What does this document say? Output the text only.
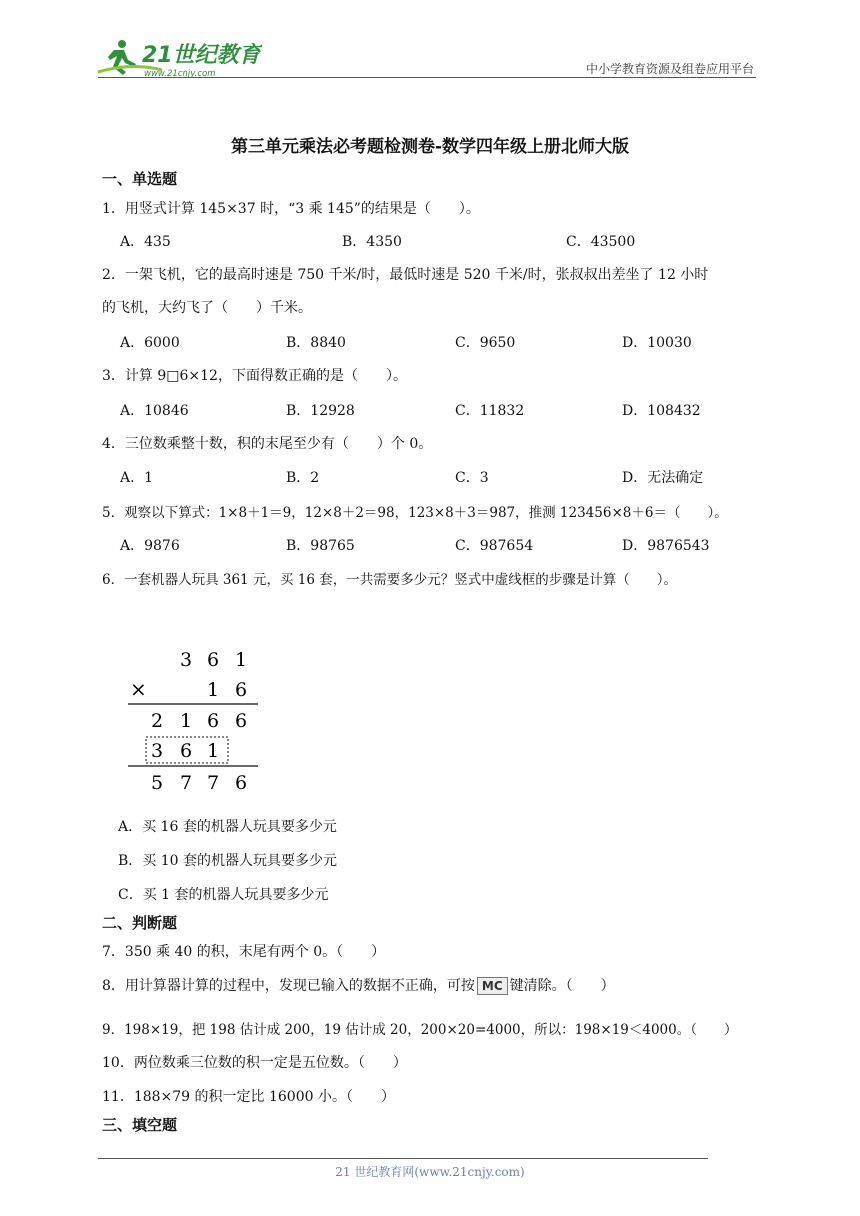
21世纪教育
www.21cnjy.com	中小学教育资源及组卷应用平台
第三单元乘法必考题检测卷-数学四年级上册北师大版
一、单选题
1．用竖式计算 145×37 时，“3 乘 145”的结果是（　　）。
A．435	B．4350	C．43500
2．一架飞机，它的最高时速是 750 千米/时，最低时速是 520 千米/时，张叔叔出差坐了 12 小时
的飞机，大约飞了（　　）千米。
A．6000	B．8840	C．9650	D．10030
3．计算 9□6×12，下面得数正确的是（　　）。
A．10846	B．12928	C．11832	D．108432
4．三位数乘整十数，积的末尾至少有（　　）个 0。
A．1	B．2	C．3	D．无法确定
5．观察以下算式：1×8＋1＝9，12×8＋2＝98，123×8＋3＝987，推测 123456×8＋6＝（　　）。
A．9876	B．98765	C．987654	D．9876543
6．一套机器人玩具 361 元，买 16 套，一共需要多少元？竖式中虚线框的步骤是计算（　　）。
3 6 1
×	1 6
2 1 6 6
3 6 1
5 7 7 6
A．买 16 套的机器人玩具要多少元
B．买 10 套的机器人玩具要多少元
C．买 1 套的机器人玩具要多少元
二、判断题
7．350 乘 40 的积，末尾有两个 0。（　　）
8．用计算器计算的过程中，发现已输入的数据不正确，可按 MC 键清除。（　　）
9．198×19，把 198 估计成 200，19 估计成 20，200×20=4000，所以：198×19＜4000。（　　）
10．两位数乘三位数的积一定是五位数。（　　）
11．188×79 的积一定比 16000 小。（　　）
三、填空题
21 世纪教育网(www.21cnjy.com)
